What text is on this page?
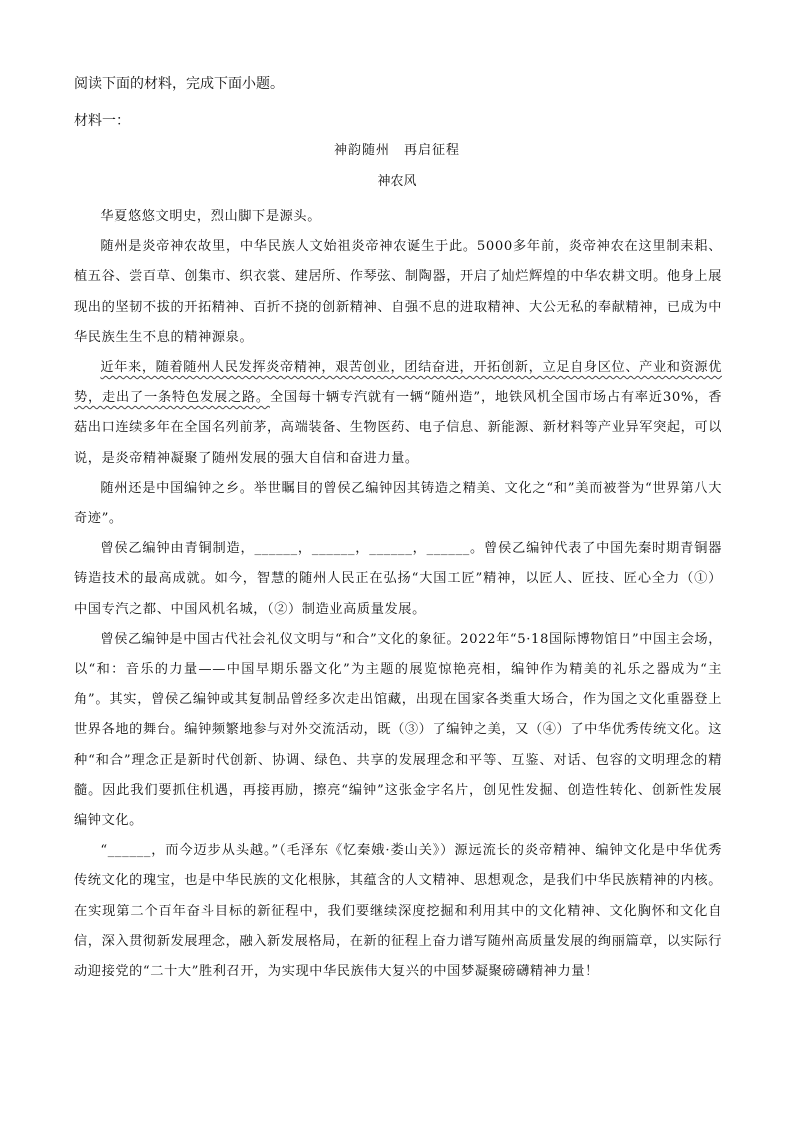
阅读下面的材料，完成下面小题。
材料一：
神韵随州　再启征程
神农风

华夏悠悠文明史，烈山脚下是源头。

随州是炎帝神农故里，中华民族人文始祖炎帝神农诞生于此。5000多年前，炎帝神农在这里制耒耜、植五谷、尝百草、创集市、织衣裳、建居所、作琴弦、制陶器，开启了灿烂辉煌的中华农耕文明。他身上展现出的坚韧不拔的开拓精神、百折不挠的创新精神、自强不息的进取精神、大公无私的奉献精神，已成为中华民族生生不息的精神源泉。

近年来，随着随州人民发挥炎帝精神，艰苦创业，团结奋进，开拓创新，立足自身区位、产业和资源优势，走出了一条特色发展之路。全国每十辆专汽就有一辆“随州造”，地铁风机全国市场占有率近30%，香菇出口连续多年在全国名列前茅，高端装备、生物医药、电子信息、新能源、新材料等产业异军突起，可以说，是炎帝精神凝聚了随州发展的强大自信和奋进力量。

随州还是中国编钟之乡。举世瞩目的曾侯乙编钟因其铸造之精美、文化之“和”美而被誉为“世界第八大奇迹”。

曾侯乙编钟由青铜制造，______，______，______，______。曾侯乙编钟代表了中国先秦时期青铜器铸造技术的最高成就。如今，智慧的随州人民正在弘扬“大国工匠”精神，以匠人、匠技、匠心全力（①）中国专汽之都、中国风机名城，（②）制造业高质量发展。

曾侯乙编钟是中国古代社会礼仪文明与“和合”文化的象征。2022年“5·18国际博物馆日”中国主会场，以“和：音乐的力量——中国早期乐器文化”为主题的展览惊艳亮相，编钟作为精美的礼乐之器成为“主角”。其实，曾侯乙编钟或其复制品曾经多次走出馆藏，出现在国家各类重大场合，作为国之文化重器登上世界各地的舞台。编钟频繁地参与对外交流活动，既（③）了编钟之美，又（④）了中华优秀传统文化。这种“和合”理念正是新时代创新、协调、绿色、共享的发展理念和平等、互鉴、对话、包容的文明理念的精髓。因此我们要抓住机遇，再接再励，擦亮“编钟”这张金字名片，创见性发掘、创造性转化、创新性发展编钟文化。

“______，而今迈步从头越。”（毛泽东《忆秦娥·娄山关》）源远流长的炎帝精神、编钟文化是中华优秀传统文化的瑰宝，也是中华民族的文化根脉，其蕴含的人文精神、思想观念，是我们中华民族精神的内核。在实现第二个百年奋斗目标的新征程中，我们要继续深度挖掘和利用其中的文化精神、文化胸怀和文化自信，深入贯彻新发展理念，融入新发展格局，在新的征程上奋力谱写随州高质量发展的绚丽篇章，以实际行动迎接党的“二十大”胜利召开，为实现中华民族伟大复兴的中国梦凝聚磅礴精神力量！
